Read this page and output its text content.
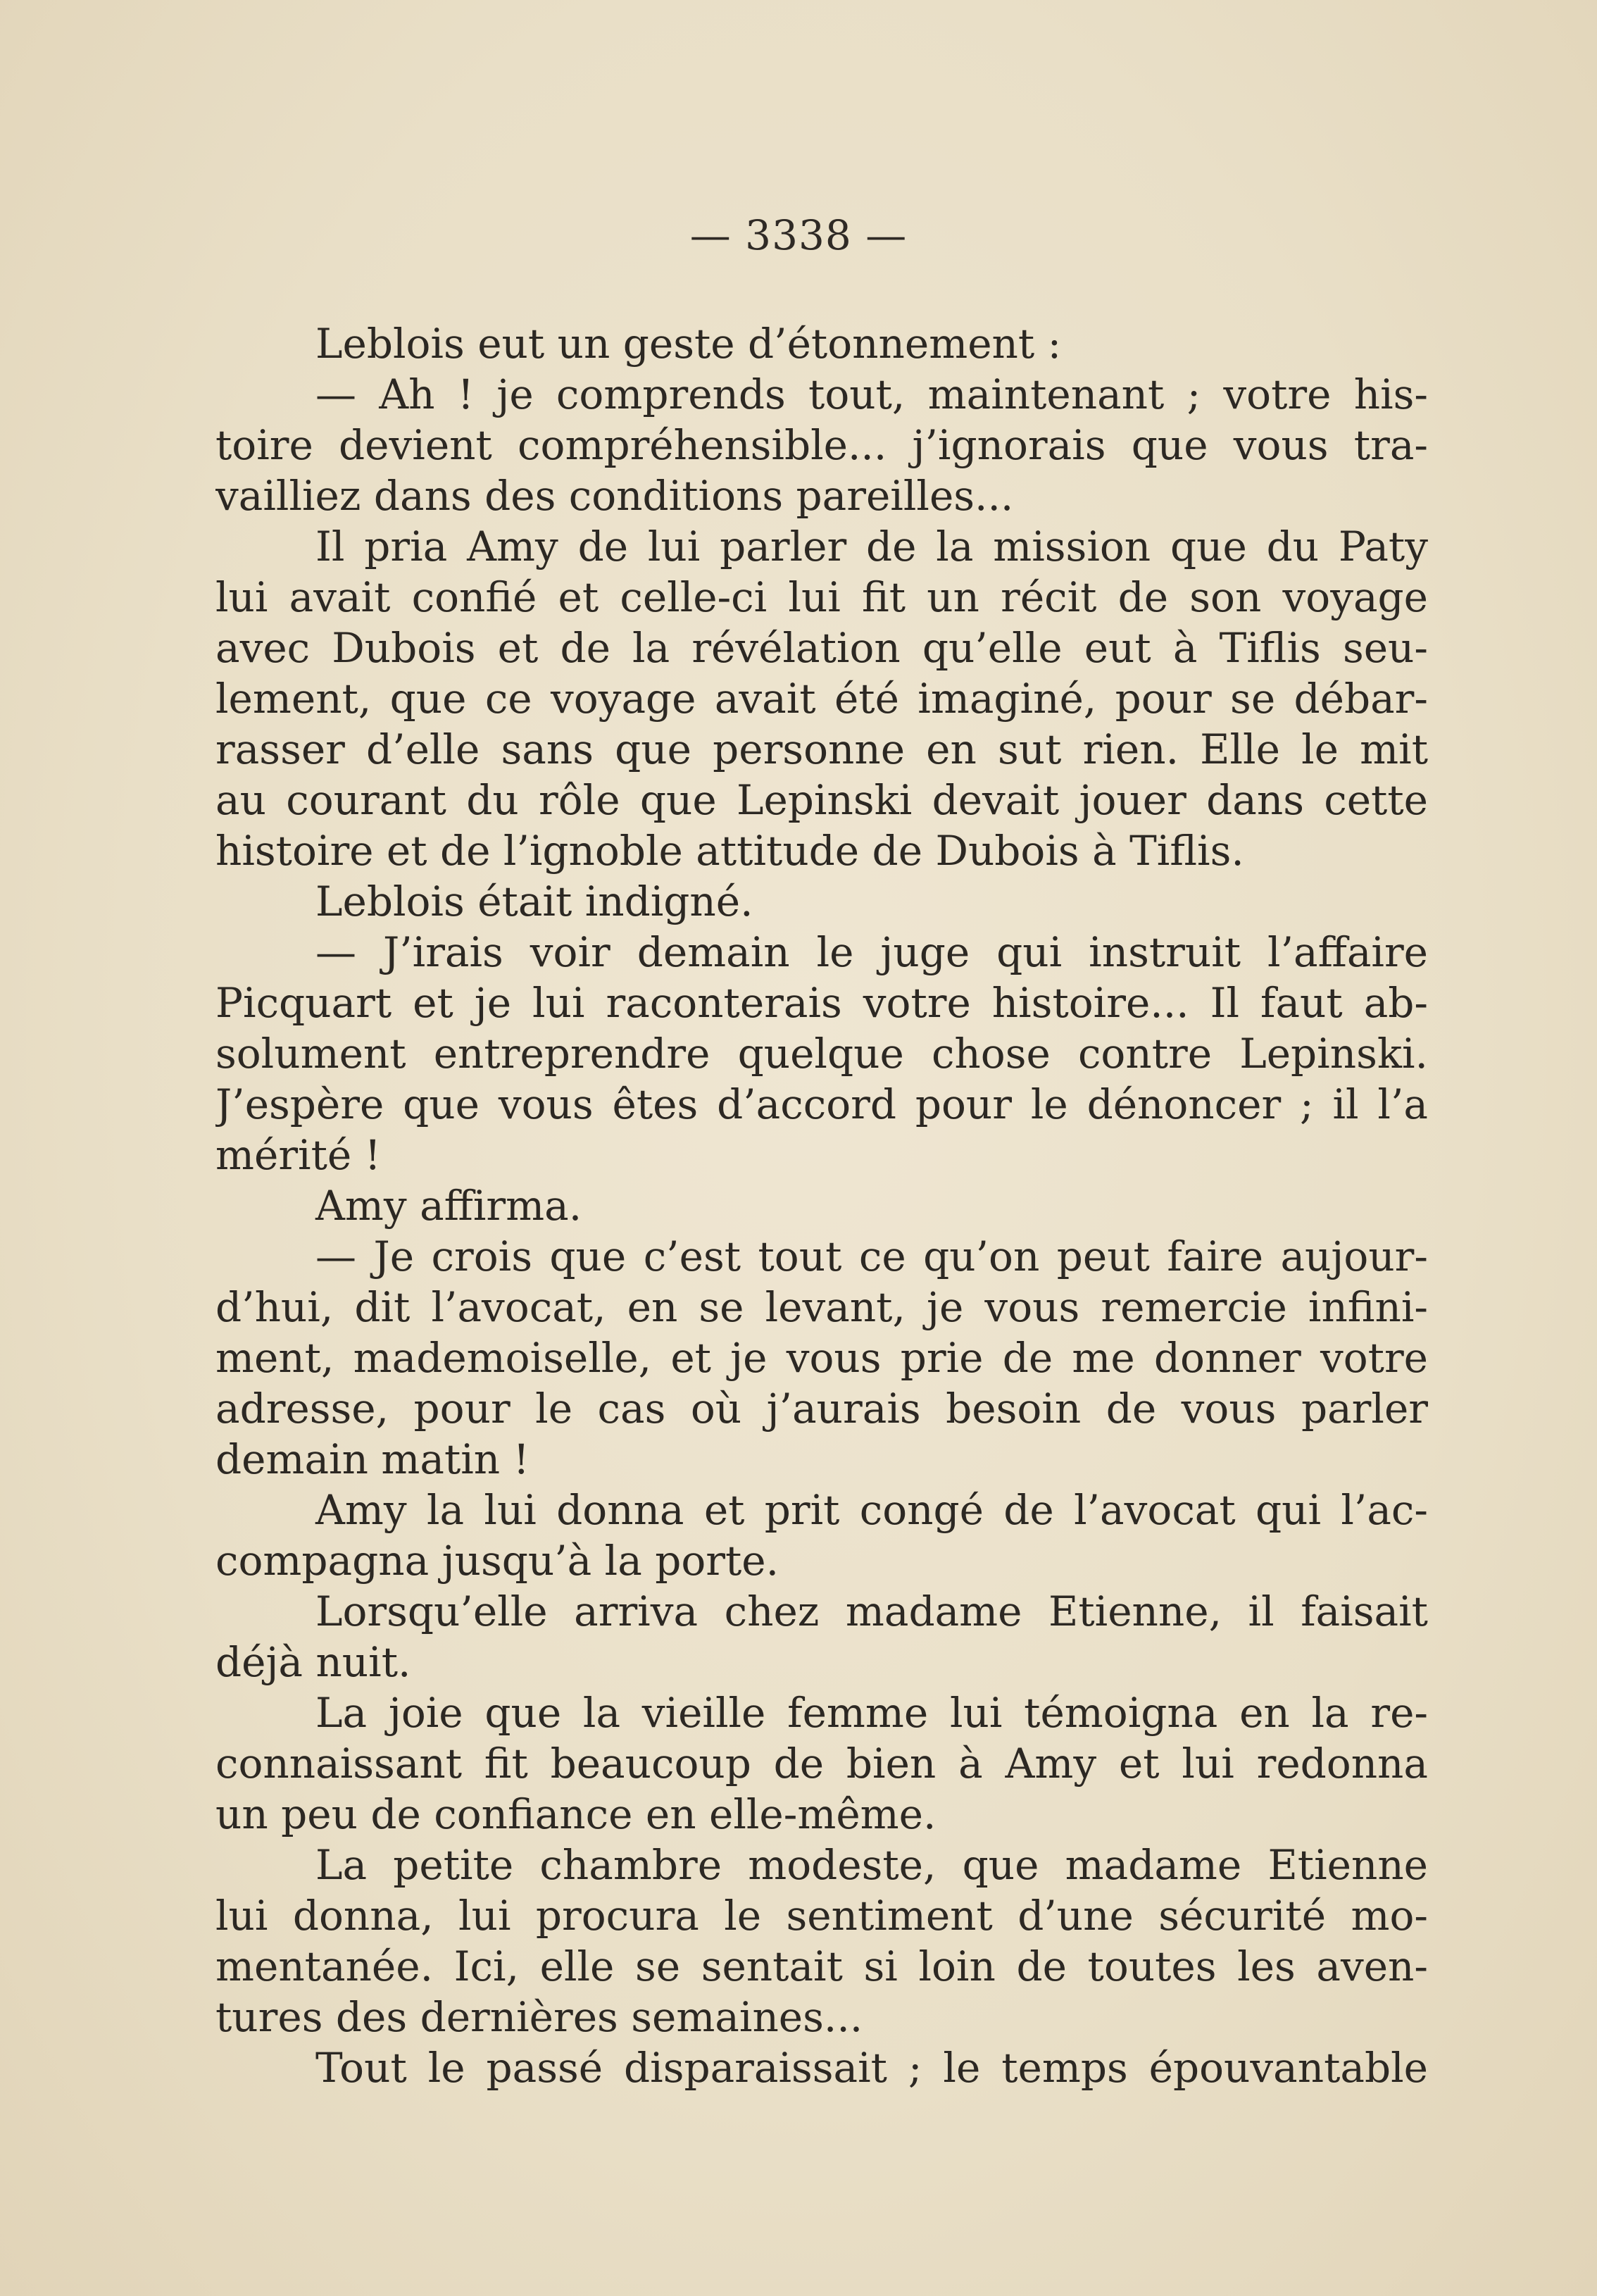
— 3338 —
Leblois eut un geste d’étonnement :
— Ah ! je comprends tout, maintenant ; votre his-
toire devient compréhensible... j’ignorais que vous tra-
vailliez dans des conditions pareilles...
Il pria Amy de lui parler de la mission que du Paty
lui avait confié et celle-ci lui fit un récit de son voyage
avec Dubois et de la révélation qu’elle eut à Tiflis seu-
lement, que ce voyage avait été imaginé, pour se débar-
rasser d’elle sans que personne en sut rien. Elle le mit
au courant du rôle que Lepinski devait jouer dans cette
histoire et de l’ignoble attitude de Dubois à Tiflis.
Leblois était indigné.
— J’irais voir demain le juge qui instruit l’affaire
Picquart et je lui raconterais votre histoire... Il faut ab-
solument entreprendre quelque chose contre Lepinski.
J’espère que vous êtes d’accord pour le dénoncer ; il l’a
mérité !
Amy affirma.
— Je crois que c’est tout ce qu’on peut faire aujour-
d’hui, dit l’avocat, en se levant, je vous remercie infini-
ment, mademoiselle, et je vous prie de me donner votre
adresse, pour le cas où j’aurais besoin de vous parler
demain matin !
Amy la lui donna et prit congé de l’avocat qui l’ac-
compagna jusqu’à la porte.
Lorsqu’elle arriva chez madame Etienne, il faisait
déjà nuit.
La joie que la vieille femme lui témoigna en la re-
connaissant fit beaucoup de bien à Amy et lui redonna
un peu de confiance en elle-même.
La petite chambre modeste, que madame Etienne
lui donna, lui procura le sentiment d’une sécurité mo-
mentanée. Ici, elle se sentait si loin de toutes les aven-
tures des dernières semaines...
Tout le passé disparaissait ; le temps épouvantable
